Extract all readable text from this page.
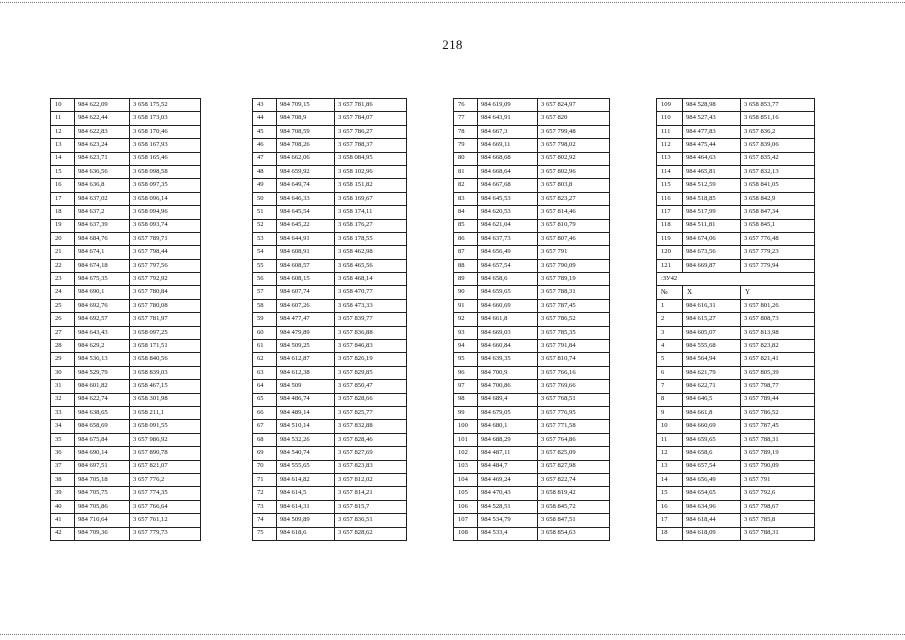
218
10	984 622,09	3 658 175,52
11	984 622,44	3 658 173,03
12	984 622,83	3 658 170,46
13	984 623,24	3 658 167,93
14	984 623,71	3 658 165,46
15	984 636,56	3 658 098,58
16	984 636,8	3 658 097,35
17	984 637,02	3 658 096,14
18	984 637,2	3 658 094,96
19	984 637,39	3 658 093,74
20	984 684,76	3 657 789,71
21	984 674,1	3 657 798,44
22	984 674,18	3 657 797,56
23	984 675,35	3 657 792,92
24	984 690,1	3 657 780,84
25	984 692,76	3 657 780,08
26	984 692,57	3 657 781,97
27	984 643,43	3 658 097,25
28	984 629,2	3 658 171,51
29	984 536,13	3 658 840,56
30	984 529,79	3 658 839,03
31	984 601,82	3 658 467,15
32	984 622,74	3 658 301,98
33	984 638,65	3 658 211,1
34	984 658,69	3 658 091,55
35	984 675,84	3 657 986,92
36	984 690,14	3 657 890,78
37	984 697,51	3 657 821,07
38	984 705,18	3 657 776,2
39	984 705,75	3 657 774,35
40	984 705,86	3 657 766,64
41	984 710,64	3 657 761,12
42	984 709,36	3 657 779,73
43	984 709,15	3 657 781,86
44	984 708,9	3 657 784,07
45	984 708,59	3 657 786,27
46	984 708,26	3 657 788,37
47	984 662,06	3 658 084,95
48	984 659,92	3 658 102,96
49	984 649,74	3 658 151,82
50	984 646,33	3 658 169,67
51	984 645,54	3 658 174,11
52	984 645,22	3 658 176,27
53	984 644,91	3 658 178,55
54	984 608,91	3 658 462,98
55	984 608,57	3 658 465,56
56	984 608,15	3 658 468,14
57	984 607,74	3 658 470,77
58	984 607,26	3 658 473,33
59	984 477,47	3 657 839,77
60	984 479,89	3 657 836,88
61	984 509,25	3 657 846,83
62	984 612,87	3 657 826,19
63	984 612,38	3 657 829,85
64	984 509	3 657 850,47
65	984 486,74	3 657 828,66
66	984 489,14	3 657 825,77
67	984 510,14	3 657 832,88
68	984 532,26	3 657 828,46
69	984 540,74	3 657 827,69
70	984 555,65	3 657 823,83
71	984 614,82	3 657 812,02
72	984 614,5	3 657 814,21
73	984 614,31	3 657 815,7
74	984 509,89	3 657 836,51
75	984 618,6	3 657 828,62
76	984 619,09	3 657 824,97
77	984 643,91	3 657 820
78	984 667,3	3 657 799,48
79	984 669,11	3 657 798,02
80	984 668,68	3 657 802,92
81	984 668,64	3 657 802,96
82	984 667,68	3 657 803,8
83	984 645,53	3 657 823,27
84	984 620,53	3 657 814,46
85	984 621,04	3 657 810,79
86	984 637,73	3 657 807,46
87	984 656,49	3 657 791
88	984 657,54	3 657 790,09
89	984 658,6	3 657 789,19
90	984 659,65	3 657 788,31
91	984 660,69	3 657 787,45
92	984 661,8	3 657 786,52
93	984 669,03	3 657 785,35
94	984 660,84	3 657 791,84
95	984 639,35	3 657 810,74
96	984 700,9	3 657 766,16
97	984 700,86	3 657 769,66
98	984 689,4	3 657 768,51
99	984 679,05	3 657 776,95
100	984 680,1	3 657 771,58
101	984 688,29	3 657 764,86
102	984 487,11	3 657 825,09
103	984 484,7	3 657 827,98
104	984 469,24	3 657 822,74
105	984 470,43	3 658 819,42
106	984 528,51	3 658 845,72
107	984 534,79	3 658 847,51
108	984 533,4	3 658 854,63
109	984 528,98	3 658 853,77
110	984 527,43	3 658 851,16
111	984 477,83	3 657 836,2
112	984 475,44	3 657 839,06
113	984 464,63	3 657 835,42
114	984 465,81	3 657 832,13
115	984 512,59	3 658 841,05
116	984 518,85	3 658 842,9
117	984 517,99	3 658 847,34
118	984 511,81	3 658 845,1
119	984 674,06	3 657 776,48
120	984 673,56	3 657 779,23
121	984 669,87	3 657 779,94
:ЗУ42		
№	X	Y
1	984 616,31	3 657 801,26
2	984 615,27	3 657 808,73
3	984 605,07	3 657 813,98
4	984 555,68	3 657 823,82
5	984 564,94	3 657 821,41
6	984 621,79	3 657 805,39
7	984 622,71	3 657 798,77
8	984 646,5	3 657 789,44
9	984 661,8	3 657 786,52
10	984 660,69	3 657 787,45
11	984 659,65	3 657 788,31
12	984 658,6	3 657 789,19
13	984 657,54	3 657 790,09
14	984 656,49	3 657 791
15	984 654,65	3 657 792,6
16	984 634,96	3 657 798,67
17	984 618,44	3 657 785,8
18	984 618,09	3 657 788,31
